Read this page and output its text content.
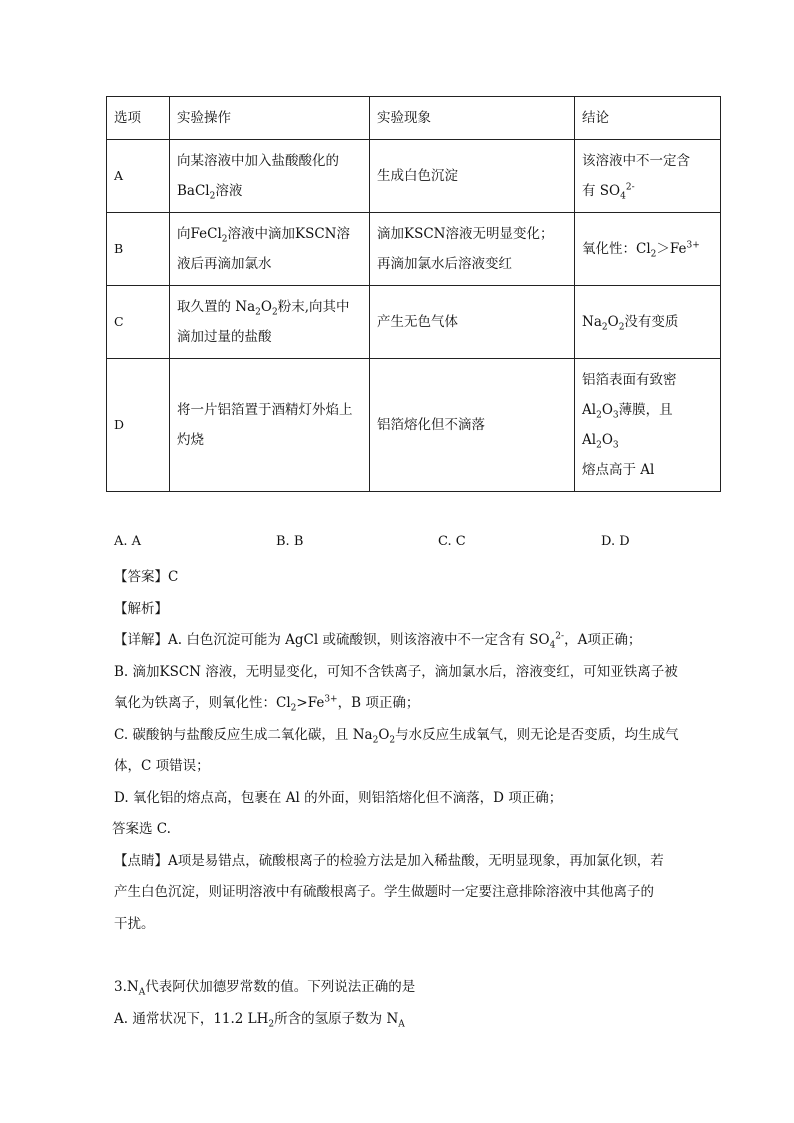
选项	实验操作	实验现象	结论
A	向某溶液中加入盐酸酸化的
BaCl$_2$溶液	生成白色沉淀	该溶液中不一定含
有 $SO_4^{2-}$
B	向FeCl$_2$溶液中滴加KSCN溶液后再滴加氯水	滴加KSCN溶液无明显变化；
再滴加氯水后溶液变红	氧化性：$Cl_2>Fe^{3+}$
C	取久置的 $Na_2O_2$粉末,向其中滴加过量的盐酸	产生无色气体	$Na_2O_2$没有变质
D	将一片铝箔置于酒精灯外焰上灼烧	铝箔熔化但不滴落	铝箔表面有致密
$Al_2O_3$薄膜，且 $Al_2O_3$
熔点高于 Al
A. A	B. B	C. C	D. D

【答案】C

【解析】

【详解】A. 白色沉淀可能为 AgCl 或硫酸钡，则该溶液中不一定含有 $SO_4^{2-}$，A项正确；

B. 滴加KSCN 溶液，无明显变化，可知不含铁离子，滴加氯水后，溶液变红，可知亚铁离子被

氧化为铁离子，则氧化性：$Cl_2>Fe^{3+}$，B 项正确；

C. 碳酸钠与盐酸反应生成二氧化碳，且 $Na_2O_2$与水反应生成氧气，则无论是否变质，均生成气

体，C 项错误；

D. 氧化铝的熔点高，包裹在 Al 的外面，则铝箔熔化但不滴落，D 项正确；

答案选 C.

【点睛】A项是易错点，硫酸根离子的检验方法是加入稀盐酸，无明显现象，再加氯化钡，若

产生白色沉淀，则证明溶液中有硫酸根离子。学生做题时一定要注意排除溶液中其他离子的

干扰。

$3.N_A$代表阿伏加德罗常数的值。下列说法正确的是

A. 通常状况下，11.2 $LH_2$所含的氢原子数为 $N_A$
